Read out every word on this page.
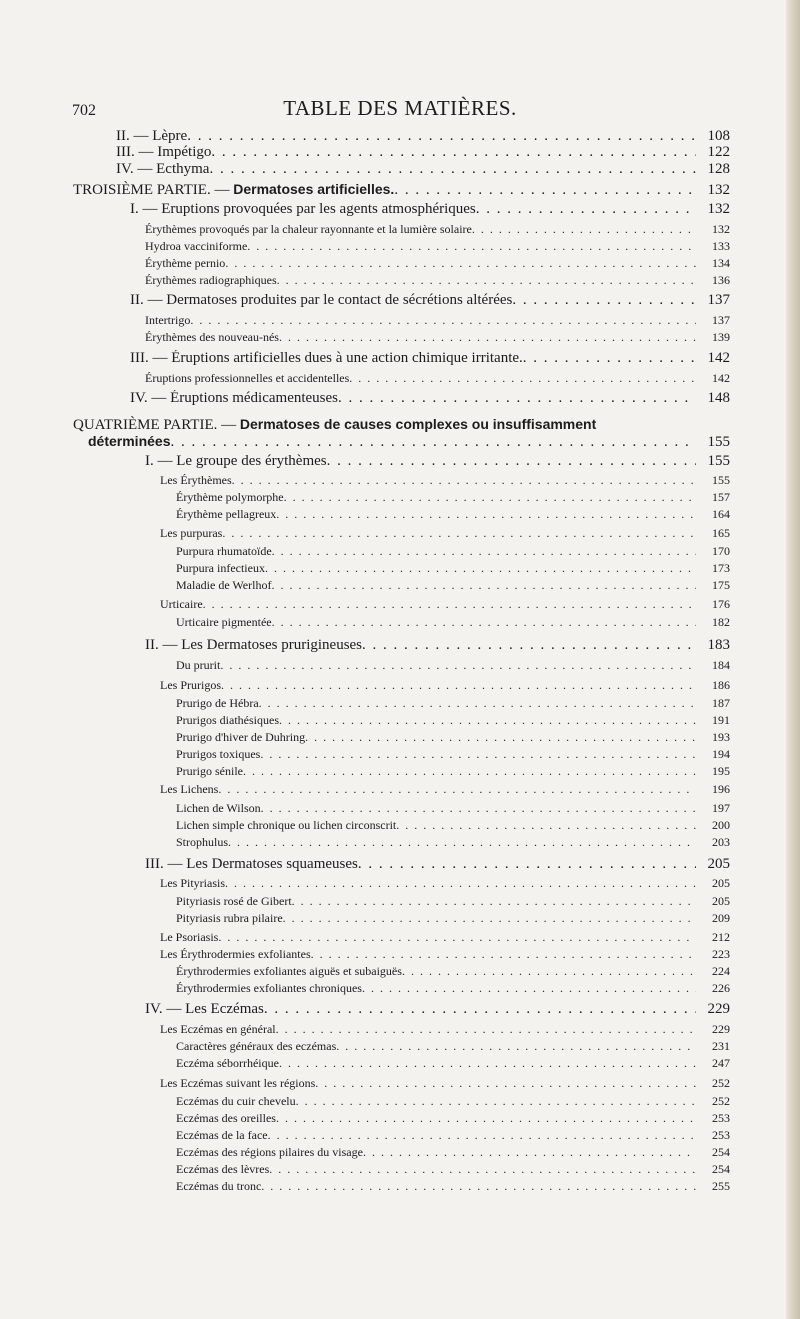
702	TABLE DES MATIÈRES.
II. — Lèpre . . .	108
III. — Impétigo . . .	122
IV. — Ecthyma . . .	128
TROISIÈME PARTIE. — Dermatoses artificielles. . . .	132
I. — Eruptions provoquées par les agents atmosphériques . . .	132
Érythèmes provoqués par la chaleur rayonnante et la lumière solaire . . .	132
Hydroa vacciniforme . . .	133
Érythème pernio . . .	134
Érythèmes radiographiques . . .	136
II. — Dermatoses produites par le contact de sécrétions altérées . . .	137
Intertrigo . . .	137
Érythèmes des nouveau-nés . . .	139
III. — Éruptions artificielles dues à une action chimique irritante. . . .	142
Éruptions professionnelles et accidentelles . . .	142
IV. — Éruptions médicamenteuses . . .	148
QUATRIÈME PARTIE. — Dermatoses de causes complexes ou insuffisamment
déterminées . . .	155
I. — Le groupe des érythèmes . . .	155
Les Érythèmes . . .	155
Érythème polymorphe . . .	157
Érythème pellagreux . . .	164
Les purpuras . . .	165
Purpura rhumatoïde . . .	170
Purpura infectieux . . .	173
Maladie de Werlhof . . .	175
Urticaire . . .	176
Urticaire pigmentée . . .	182
II. — Les Dermatoses prurigineuses . . .	183
Du prurit . . .	184
Les Prurigos . . .	186
Prurigo de Hébra . . .	187
Prurigos diathésiques . . .	191
Prurigo d'hiver de Duhring . . .	193
Prurigos toxiques . . .	194
Prurigo sénile . . .	195
Les Lichens . . .	196
Lichen de Wilson . . .	197
Lichen simple chronique ou lichen circonscrit . . .	200
Strophulus . . .	203
III. — Les Dermatoses squameuses . . .	205
Les Pityriasis . . .	205
Pityriasis rosé de Gibert . . .	205
Pityriasis rubra pilaire . . .	209
Le Psoriasis . . .	212
Les Érythrodermies exfoliantes . . .	223
Érythrodermies exfoliantes aiguës et subaiguës . . .	224
Érythrodermies exfoliantes chroniques . . .	226
IV. — Les Eczémas . . .	229
Les Eczémas en général . . .	229
Caractères généraux des eczémas . . .	231
Eczéma séborrhéique . . .	247
Les Eczémas suivant les régions . . .	252
Eczémas du cuir chevelu . . .	252
Eczémas des oreilles . . .	253
Eczémas de la face . . .	253
Eczémas des régions pilaires du visage . . .	254
Eczémas des lèvres . . .	254
Eczémas du tronc . . .	255
